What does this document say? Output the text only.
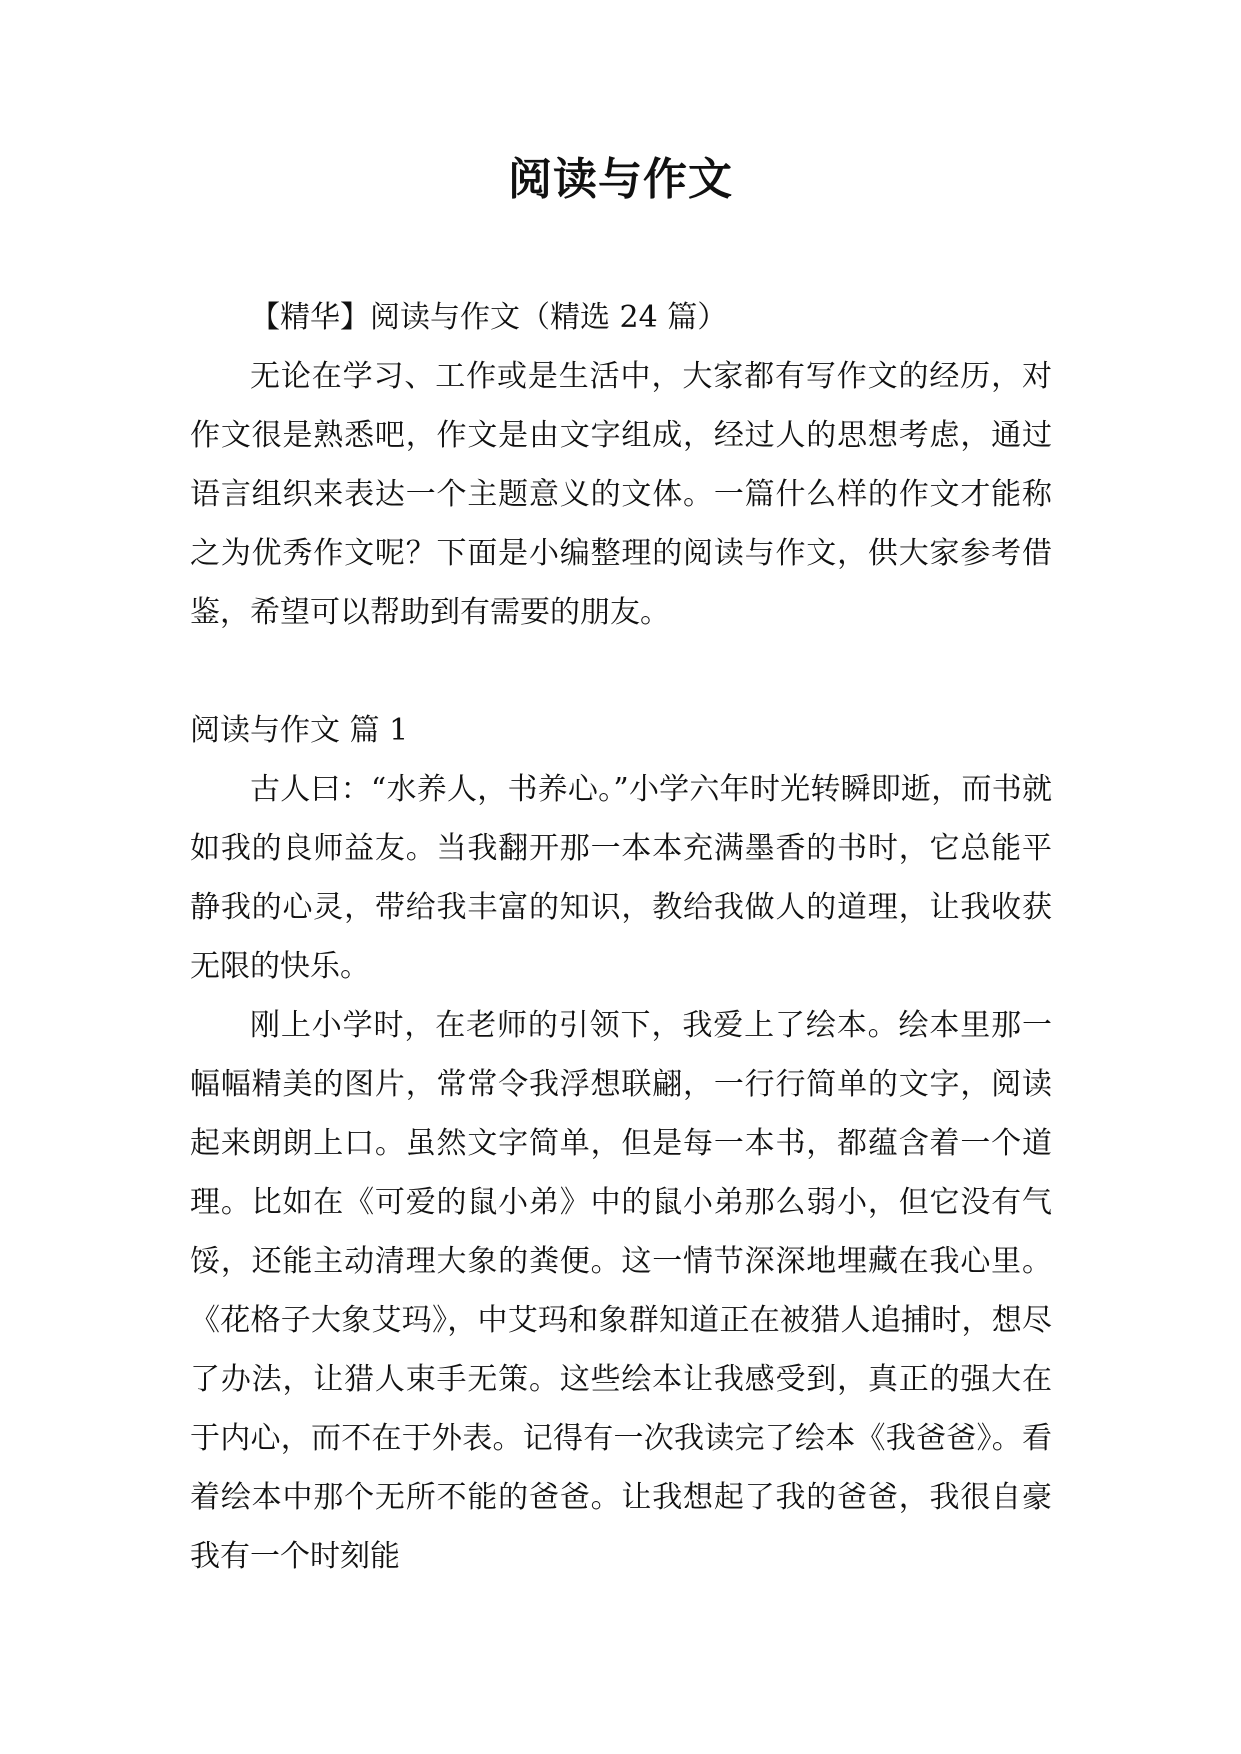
阅读与作文

【精华】阅读与作文（精选 24 篇）

无论在学习、工作或是生活中，大家都有写作文的经历，对作文很是熟悉吧，作文是由文字组成，经过人的思想考虑，通过语言组织来表达一个主题意义的文体。一篇什么样的作文才能称之为优秀作文呢？下面是小编整理的阅读与作文，供大家参考借鉴，希望可以帮助到有需要的朋友。

阅读与作文 篇 1

古人曰：“水养人，书养心。”小学六年时光转瞬即逝，而书就如我的良师益友。当我翻开那一本本充满墨香的书时，它总能平静我的心灵，带给我丰富的知识，教给我做人的道理，让我收获无限的快乐。

刚上小学时，在老师的引领下，我爱上了绘本。绘本里那一幅幅精美的图片，常常令我浮想联翩，一行行简单的文字，阅读起来朗朗上口。虽然文字简单，但是每一本书，都蕴含着一个道理。比如在《可爱的鼠小弟》中的鼠小弟那么弱小，但它没有气馁，还能主动清理大象的粪便。这一情节深深地埋藏在我心里。《花格子大象艾玛》，中艾玛和象群知道正在被猎人追捕时，想尽了办法，让猎人束手无策。这些绘本让我感受到，真正的强大在于内心，而不在于外表。记得有一次我读完了绘本《我爸爸》。看着绘本中那个无所不能的爸爸。让我想起了我的爸爸，我很自豪我有一个时刻能
